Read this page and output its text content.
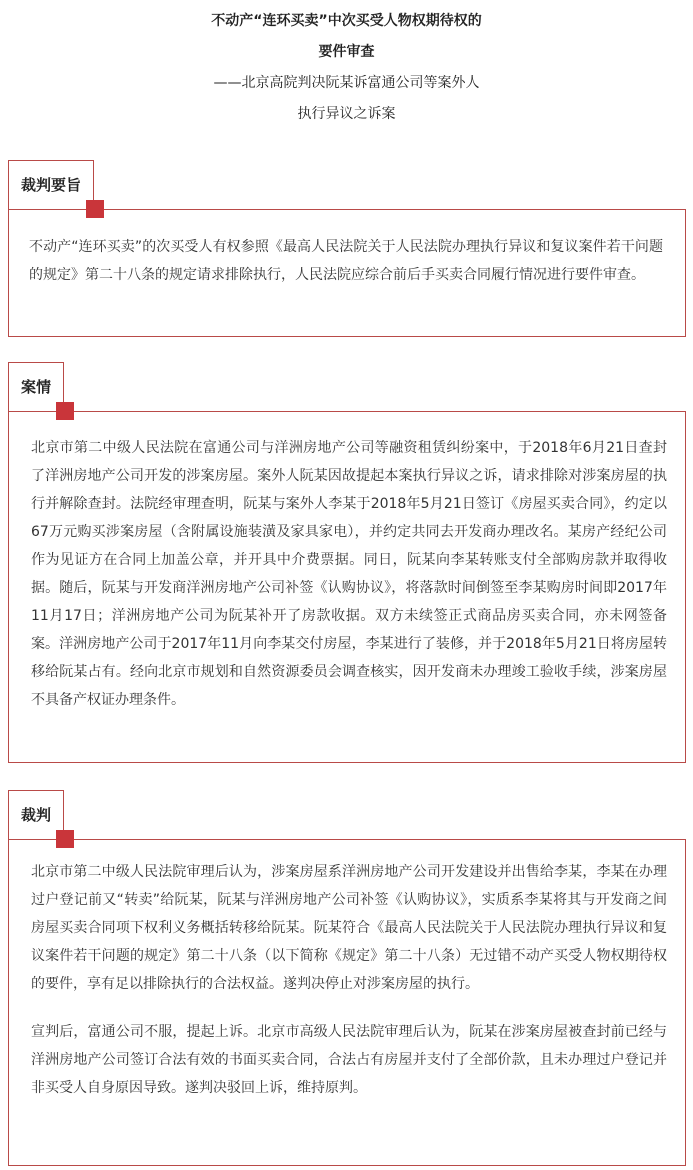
不动产“连环买卖”中次买受人物权期待权的
要件审查
——北京高院判决阮某诉富通公司等案外人
执行异议之诉案

不动产“连环买卖”的次买受人有权参照《最高人民法院关于人民法院办理执行异议和复议案件若干问题的规定》第二十八条的规定请求排除执行，人民法院应综合前后手买卖合同履行情况进行要件审查。

裁判要旨

北京市第二中级人民法院在富通公司与洋洲房地产公司等融资租赁纠纷案中，于2018年6月21日查封了洋洲房地产公司开发的涉案房屋。案外人阮某因故提起本案执行异议之诉，请求排除对涉案房屋的执行并解除查封。法院经审理查明，阮某与案外人李某于2018年5月21日签订《房屋买卖合同》，约定以67万元购买涉案房屋（含附属设施装潢及家具家电），并约定共同去开发商办理改名。某房产经纪公司作为见证方在合同上加盖公章，并开具中介费票据。同日，阮某向李某转账支付全部购房款并取得收据。随后，阮某与开发商洋洲房地产公司补签《认购协议》，将落款时间倒签至李某购房时间即2017年11月17日；洋洲房地产公司为阮某补开了房款收据。双方未续签正式商品房买卖合同，亦未网签备案。洋洲房地产公司于2017年11月向李某交付房屋，李某进行了装修，并于2018年5月21日将房屋转移给阮某占有。经向北京市规划和自然资源委员会调查核实，因开发商未办理竣工验收手续，涉案房屋不具备产权证办理条件。

案情

北京市第二中级人民法院审理后认为，涉案房屋系洋洲房地产公司开发建设并出售给李某，李某在办理过户登记前又“转卖”给阮某，阮某与洋洲房地产公司补签《认购协议》，实质系李某将其与开发商之间房屋买卖合同项下权利义务概括转移给阮某。阮某符合《最高人民法院关于人民法院办理执行异议和复议案件若干问题的规定》第二十八条（以下简称《规定》第二十八条）无过错不动产买受人物权期待权的要件，享有足以排除执行的合法权益。遂判决停止对涉案房屋的执行。

宣判后，富通公司不服，提起上诉。北京市高级人民法院审理后认为，阮某在涉案房屋被查封前已经与洋洲房地产公司签订合法有效的书面买卖合同，合法占有房屋并支付了全部价款，且未办理过户登记并非买受人自身原因导致。遂判决驳回上诉，维持原判。

裁判
